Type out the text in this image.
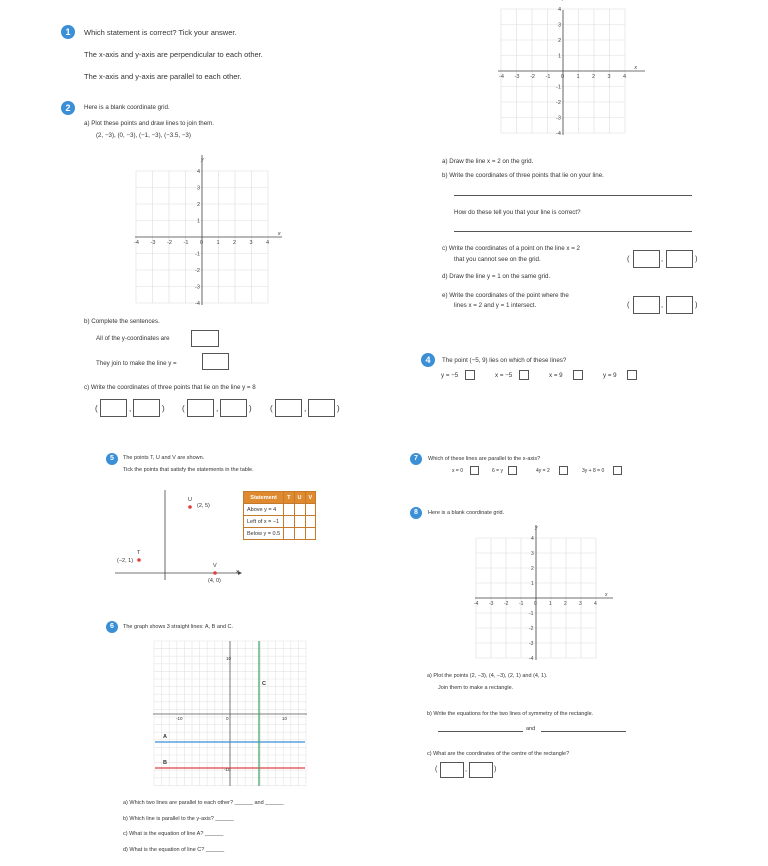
1	Which statement is correct? Tick your answer.
The x-axis and y-axis are perpendicular to each other.
The x-axis and y-axis are parallel to each other.	-4 -3 -2 -1 0 1 2 3 4
4
3
2
1
-1
-2
-3
-4
x
2	Here is a blank coordinate grid.
a) Plot these points and draw lines to join them.
(2, −3), (0, −3), (−1, −3), (−3.5, −3)
-4 -3 -2 -1 0 1 2 3 4
4
3
2
1
-1
-2
-3
-4
x
y
b) Complete the sentences.
All of the y-coordinates are
They join to make the line y =
c) Write the coordinates of three points that lie on the line y = 8
(	,	) (	,	) (	,	)
a) Draw the line x = 2 on the grid.
b) Write the coordinates of three points that lie on your line.
How do these tell you that your line is correct?
c) Write the coordinates of a point on the line x = 2
that you cannot see on the grid.
d) Draw the line y = 1 on the same grid.
e) Write the coordinates of the point where the
lines x = 2 and y = 1 intersect.
(	,	)
(	,	)
4	The point (−5, 9) lies on which of these lines?
y = −5	x = −5	x = 9	y = 9
5	The points T, U and V are shown.
Tick the points that satisfy the statements in the table.
U
(2, 5)
T
(−2, 1)
V
(4, 0)
x
Statement	T	U	V
Above y = 4			
Left of x = −1			
Below y = 0.5			
6	The graph shows 3 straight lines: A, B and C.
A
B
C
-10	0	10
10
-10
a) Which two lines are parallel to each other? ______ and ______
b) Which line is parallel to the y-axis? ______
c) What is the equation of line A? ______
d) What is the equation of line C? ______
7	Which of these lines are parallel to the x-axis?
x = 0	6 = y	4y = 2	3y + 8 = 0
8	Here is a blank coordinate grid.
-4 -3 -2 -1 0 1 2 3 4
4
3
2
1
-1
-2
-3
-4
x
y
a) Plot the points (2, −3), (4, −3), (2, 1) and (4, 1).
Join them to make a rectangle.
b) Write the equations for the two lines of symmetry of the rectangle.
and
c) What are the coordinates of the centre of the rectangle?
(	,	)
